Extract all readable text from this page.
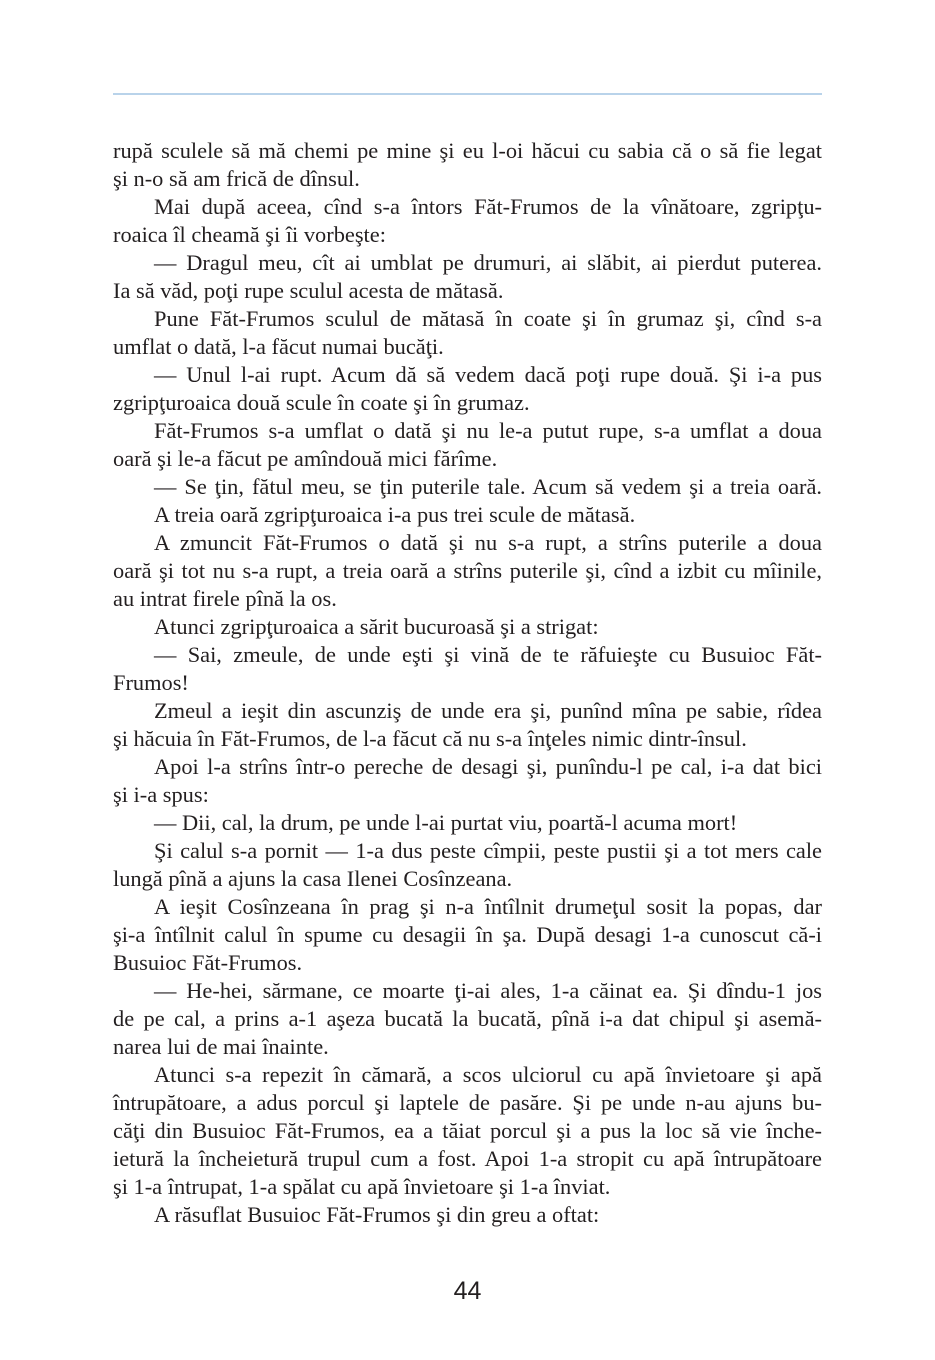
rupă sculele să mă chemi pe mine şi eu l-oi hăcui cu sabia că o să fie legat
şi n-o să am frică de dînsul.
Mai după aceea, cînd s-a întors Făt-Frumos de la vînătoare, zgripţu-
roaica îl cheamă şi îi vorbeşte:
— Dragul meu, cît ai umblat pe drumuri, ai slăbit, ai pierdut puterea.
Ia să văd, poţi rupe sculul acesta de mătasă.
Pune Făt-Frumos sculul de mătasă în coate şi în grumaz şi, cînd s-a
umflat o dată, l-a făcut numai bucăţi.
— Unul l-ai rupt. Acum dă să vedem dacă poţi rupe două. Şi i-a pus
zgripţuroaica două scule în coate şi în grumaz.
Făt-Frumos s-a umflat o dată şi nu le-a putut rupe, s-a umflat a doua
oară şi le-a făcut pe amîndouă mici fărîme.
— Se ţin, fătul meu, se ţin puterile tale. Acum să vedem şi a treia oară.
A treia oară zgripţuroaica i-a pus trei scule de mătasă.
A zmuncit Făt-Frumos o dată şi nu s-a rupt, a strîns puterile a doua
oară şi tot nu s-a rupt, a treia oară a strîns puterile şi, cînd a izbit cu mîinile,
au intrat firele pînă la os.
Atunci zgripţuroaica a sărit bucuroasă şi a strigat:
— Sai, zmeule, de unde eşti şi vină de te răfuieşte cu Busuioc Făt-
Frumos!
Zmeul a ieşit din ascunziş de unde era şi, punînd mîna pe sabie, rîdea
şi hăcuia în Făt-Frumos, de l-a făcut că nu s-a înţeles nimic dintr-însul.
Apoi l-a strîns într-o pereche de desagi şi, punîndu-l pe cal, i-a dat bici
şi i-a spus:
— Dii, cal, la drum, pe unde l-ai purtat viu, poartă-l acuma mort!
Şi calul s-a pornit — 1-a dus peste cîmpii, peste pustii şi a tot mers cale
lungă pînă a ajuns la casa Ilenei Cosînzeana.
A ieşit Cosînzeana în prag şi n-a întîlnit drumeţul sosit la popas, dar
şi-a întîlnit calul în spume cu desagii în şa. După desagi 1-a cunoscut că-i
Busuioc Făt-Frumos.
— He-hei, sărmane, ce moarte ţi-ai ales, 1-a căinat ea. Şi dîndu-1 jos
de pe cal, a prins a-1 aşeza bucată la bucată, pînă i-a dat chipul şi asemă-
narea lui de mai înainte.
Atunci s-a repezit în cămară, a scos ulciorul cu apă învietoare şi apă
întrupătoare, a adus porcul şi laptele de pasăre. Şi pe unde n-au ajuns bu-
căţi din Busuioc Făt-Frumos, ea a tăiat porcul şi a pus la loc să vie înche-
ietură la încheietură trupul cum a fost. Apoi 1-a stropit cu apă întrupătoare
şi 1-a întrupat, 1-a spălat cu apă învietoare şi 1-a înviat.
A răsuflat Busuioc Făt-Frumos şi din greu a oftat:
44
